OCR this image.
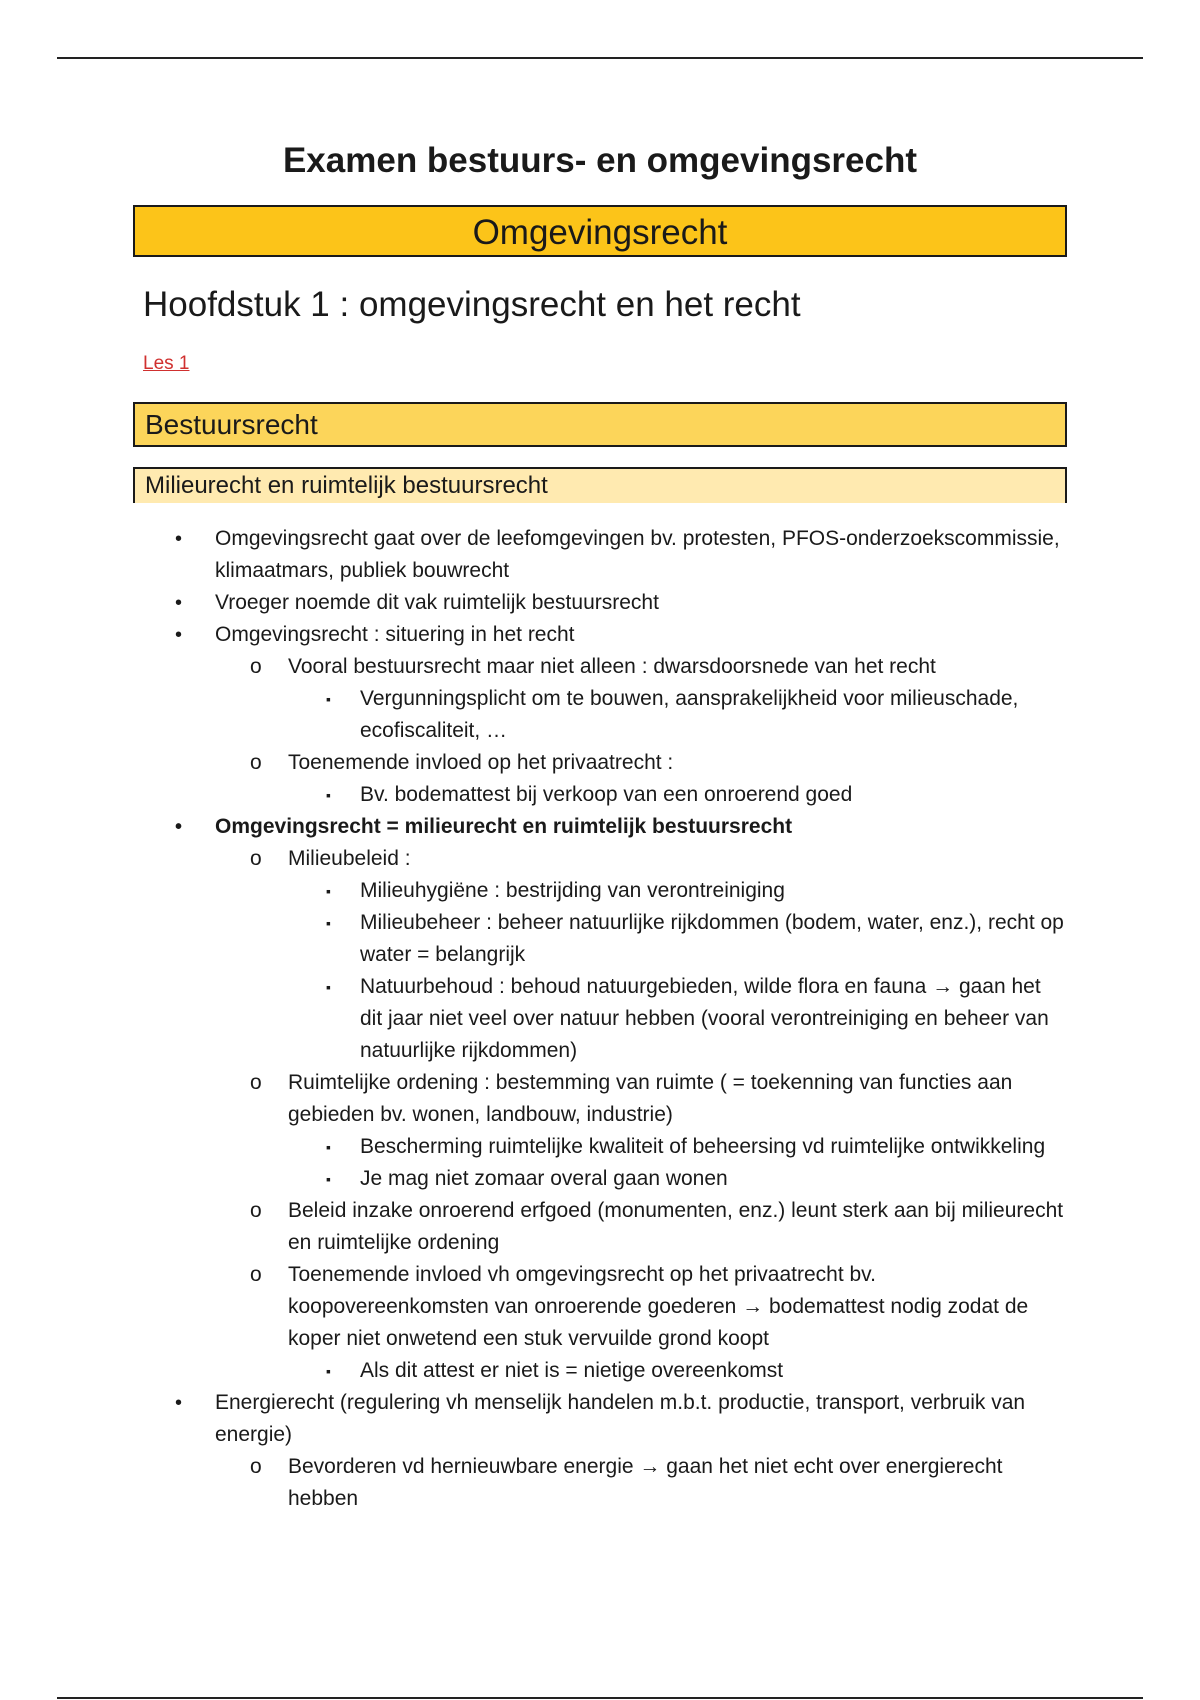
Examen bestuurs- en omgevingsrecht
Omgevingsrecht
Hoofdstuk 1 : omgevingsrecht en het recht
Les 1
Bestuursrecht
Milieurecht en ruimtelijk bestuursrecht
• Omgevingsrecht gaat over de leefomgevingen bv. protesten, PFOS-onderzoekscommissie, klimaatmars, publiek bouwrecht
• Vroeger noemde dit vak ruimtelijk bestuursrecht
• Omgevingsrecht : situering in het recht
o Vooral bestuursrecht maar niet alleen : dwarsdoorsnede van het recht
▪ Vergunningsplicht om te bouwen, aansprakelijkheid voor milieuschade, ecofiscaliteit, …
o Toenemende invloed op het privaatrecht :
▪ Bv. bodemattest bij verkoop van een onroerend goed
• Omgevingsrecht = milieurecht en ruimtelijk bestuursrecht
o Milieubeleid :
▪ Milieuhygiëne : bestrijding van verontreiniging
▪ Milieubeheer : beheer natuurlijke rijkdommen (bodem, water, enz.), recht op water = belangrijk
▪ Natuurbehoud : behoud natuurgebieden, wilde flora en fauna → gaan het dit jaar niet veel over natuur hebben (vooral verontreiniging en beheer van natuurlijke rijkdommen)
o Ruimtelijke ordening : bestemming van ruimte ( = toekenning van functies aan gebieden bv. wonen, landbouw, industrie)
▪ Bescherming ruimtelijke kwaliteit of beheersing vd ruimtelijke ontwikkeling
▪ Je mag niet zomaar overal gaan wonen
o Beleid inzake onroerend erfgoed (monumenten, enz.) leunt sterk aan bij milieurecht en ruimtelijke ordening
o Toenemende invloed vh omgevingsrecht op het privaatrecht bv. koopovereenkomsten van onroerende goederen → bodemattest nodig zodat de koper niet onwetend een stuk vervuilde grond koopt
▪ Als dit attest er niet is = nietige overeenkomst
• Energierecht (regulering vh menselijk handelen m.b.t. productie, transport, verbruik van energie)
o Bevorderen vd hernieuwbare energie → gaan het niet echt over energierecht hebben
